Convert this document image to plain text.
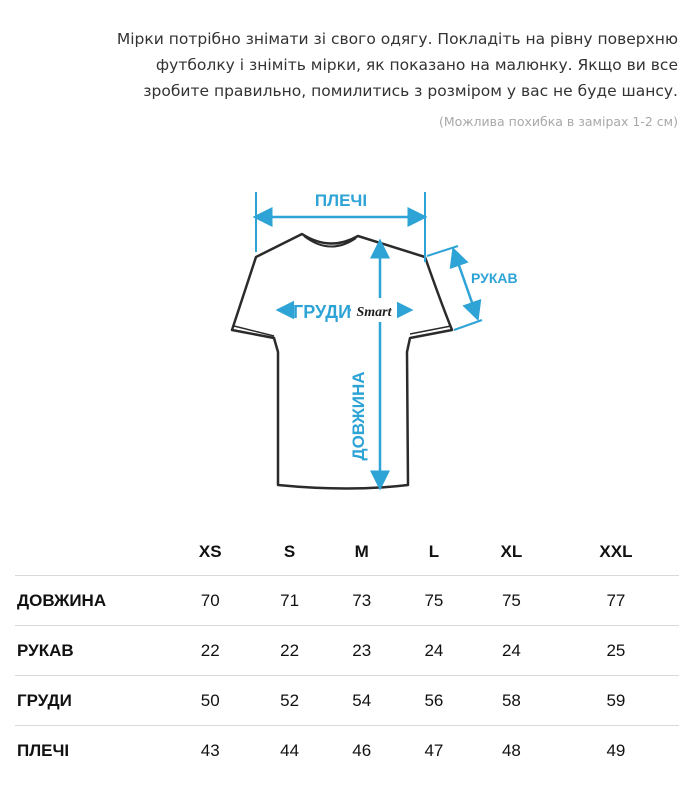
Мірки потрібно знімати зі свого одягу. Покладіть на рівну поверхню
футболку і зніміть мірки, як показано на малюнку. Якщо ви все
зробите правильно, помилитись з розміром у вас не буде шансу.
(Можлива похибка в замірах 1-2 см)
ПЛЕЧІ
РУКАВ
ГРУДИ Smart
ДОВЖИНА
	XS	S	M	L	XL	XXL
ДОВЖИНА	70	71	73	75	75	77
РУКАВ	22	22	23	24	24	25
ГРУДИ	50	52	54	56	58	59
ПЛЕЧІ	43	44	46	47	48	49
